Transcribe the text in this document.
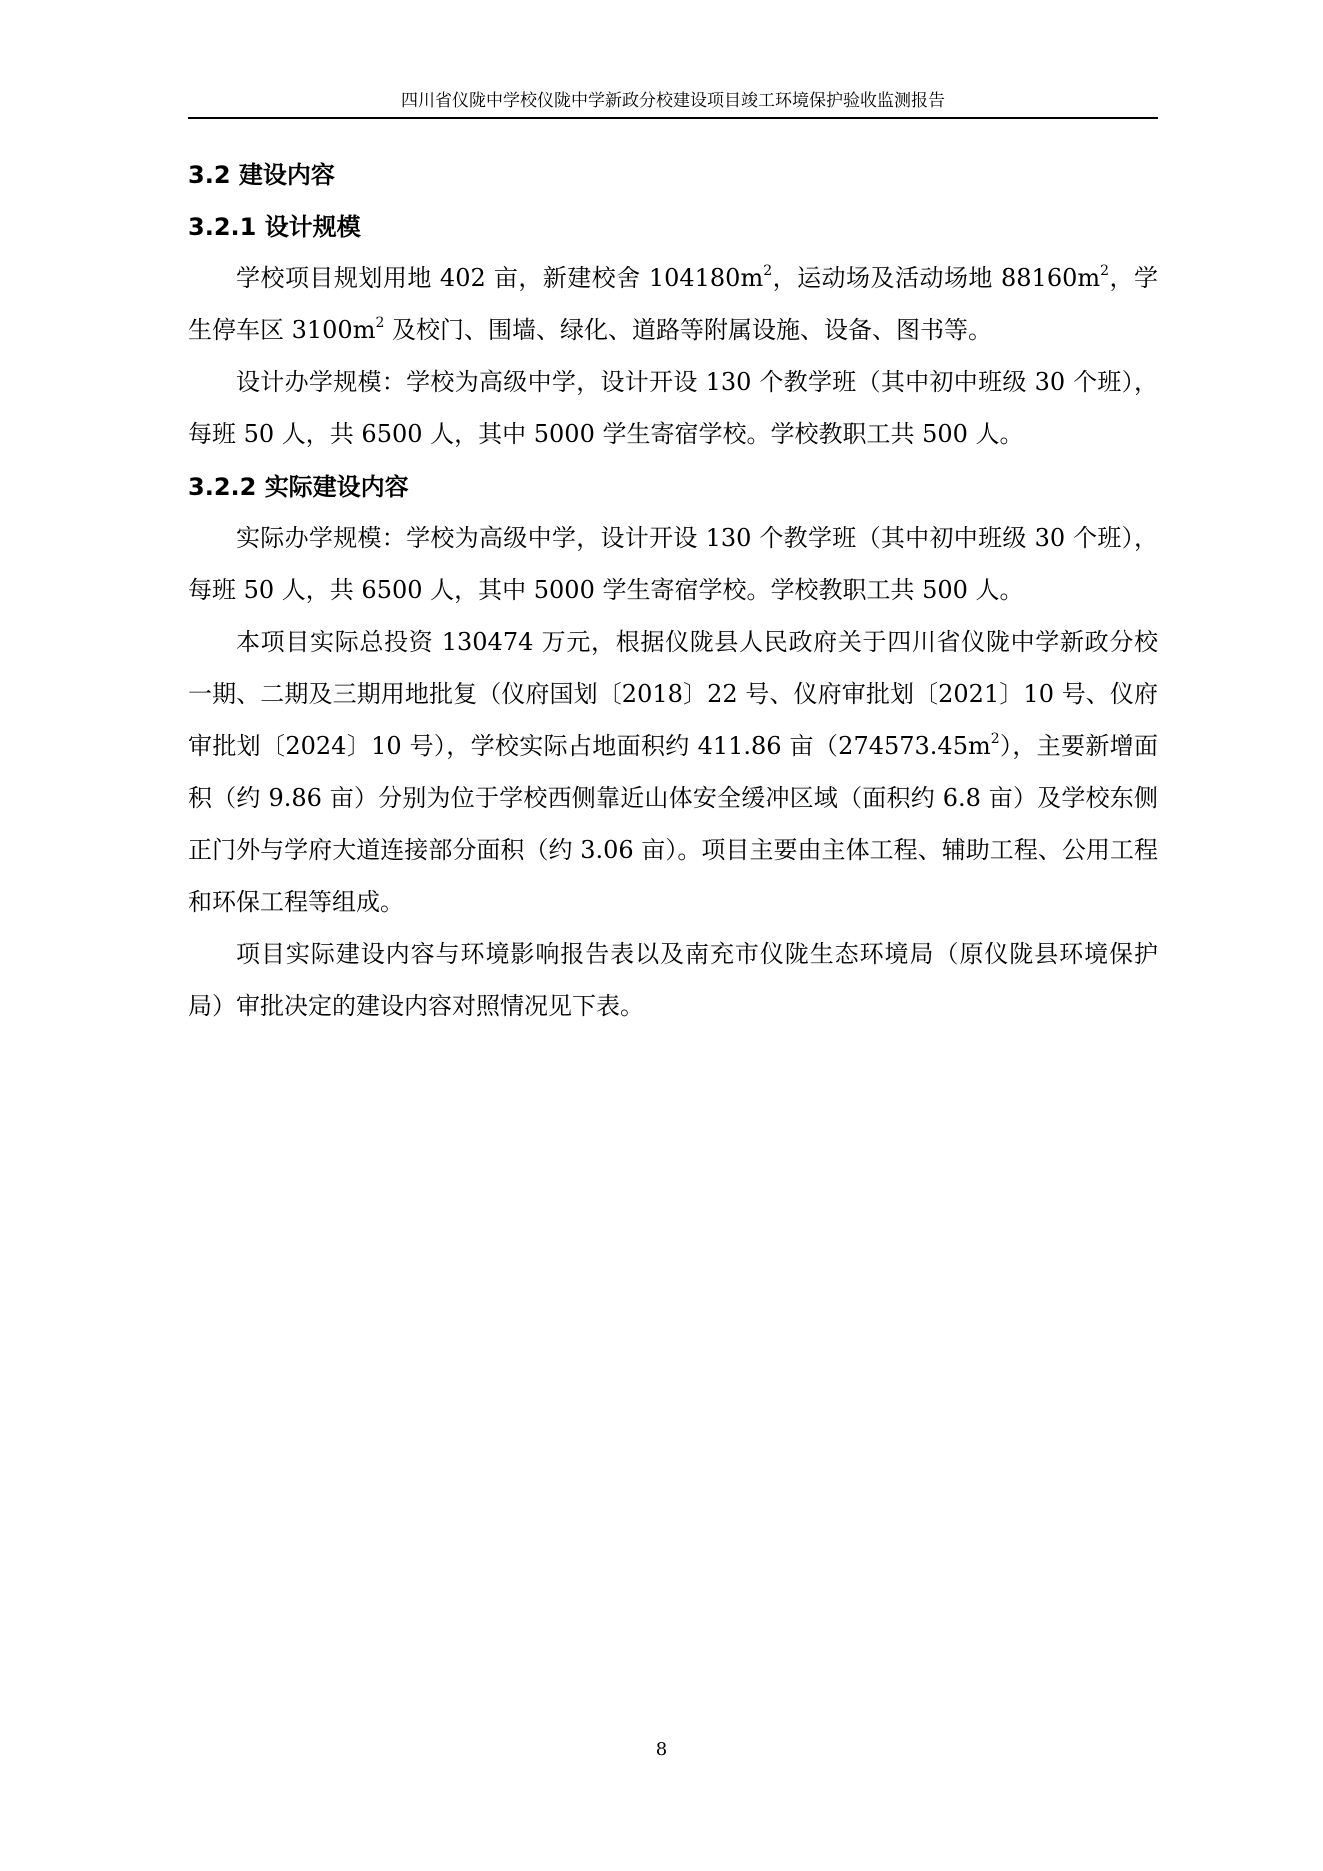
四川省仪陇中学校仪陇中学新政分校建设项目竣工环境保护验收监测报告

3.2 建设内容

3.2.1 设计规模

学校项目规划用地 402 亩，新建校舍 $104180m^2$，运动场及活动场地 $88160m^2$，学生停车区 $3100m^2$ 及校门、围墙、绿化、道路等附属设施、设备、图书等。

设计办学规模：学校为高级中学，设计开设 130 个教学班（其中初中班级 30 个班），每班 50 人，共 6500 人，其中 5000 学生寄宿学校。学校教职工共 500 人。

3.2.2 实际建设内容

实际办学规模：学校为高级中学，设计开设 130 个教学班（其中初中班级 30 个班），每班 50 人，共 6500 人，其中 5000 学生寄宿学校。学校教职工共 500 人。

本项目实际总投资 130474 万元，根据仪陇县人民政府关于四川省仪陇中学新政分校一期、二期及三期用地批复（仪府国划〔2018〕22 号、仪府审批划〔2021〕10 号、仪府审批划〔2024〕10 号），学校实际占地面积约 411.86 亩$(274573.45m^2)$，主要新增面积（约 9.86 亩）分别为位于学校西侧靠近山体安全缓冲区域（面积约 6.8 亩）及学校东侧正门外与学府大道连接部分面积（约 3.06 亩）。项目主要由主体工程、辅助工程、公用工程和环保工程等组成。

项目实际建设内容与环境影响报告表以及南充市仪陇生态环境局（原仪陇县环境保护局）审批决定的建设内容对照情况见下表。

8
